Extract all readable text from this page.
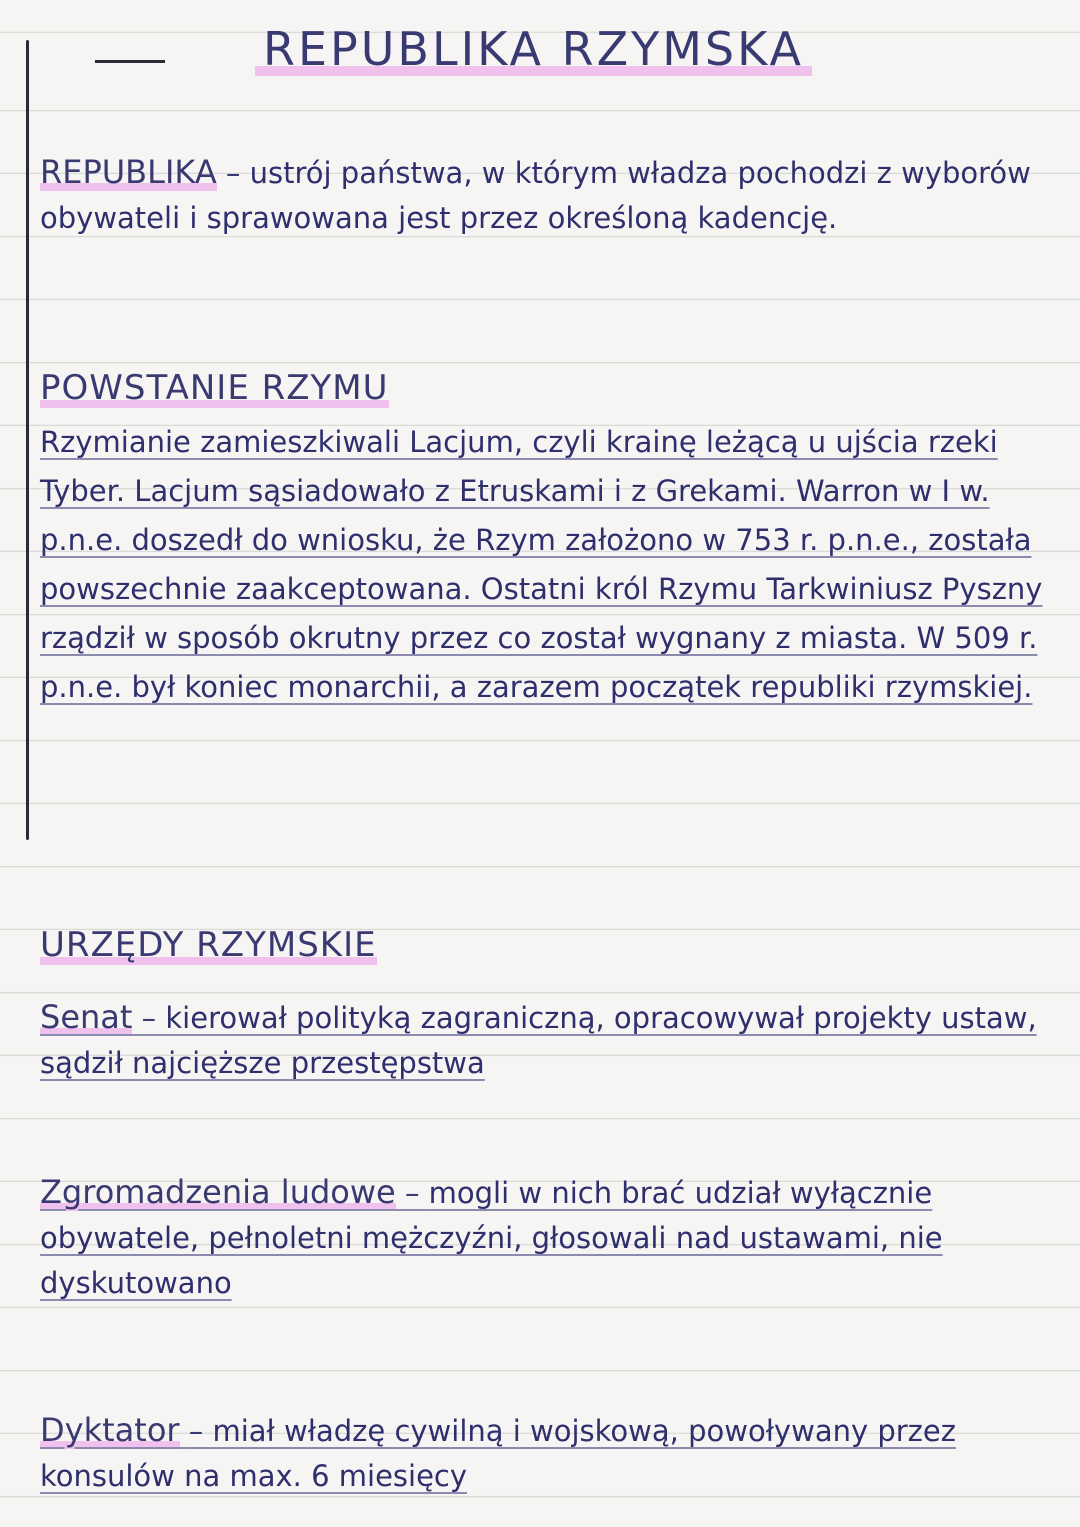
REPUBLIKA RZYMSKA

REPUBLIKA – ustrój państwa, w którym władza pochodzi z wyborów obywateli i sprawowana jest przez określoną kadencję.

POWSTANIE RZYMU

Rzymianie zamieszkiwali Lacjum, czyli krainę leżącą u ujścia rzeki Tyber. Lacjum sąsiadowało z Etruskami i z Grekami. Warron w I w. p.n.e. doszedł do wniosku, że Rzym założono w 753 r. p.n.e., została powszechnie zaakceptowana. Ostatni król Rzymu Tarkwiniusz Pyszny rządził w sposób okrutny przez co został wygnany z miasta. W 509 r. p.n.e. był koniec monarchii, a zarazem początek republiki rzymskiej.

URZĘDY RZYMSKIE

Senat – kierował polityką zagraniczną, opracowywał projekty ustaw, sądził najcięższe przestępstwa

Zgromadzenia ludowe – mogli w nich brać udział wyłącznie obywatele, pełnoletni mężczyźni, głosowali nad ustawami, nie dyskutowano

Dyktator – miał władzę cywilną i wojskową, powoływany przez konsulów na max. 6 miesięcy
